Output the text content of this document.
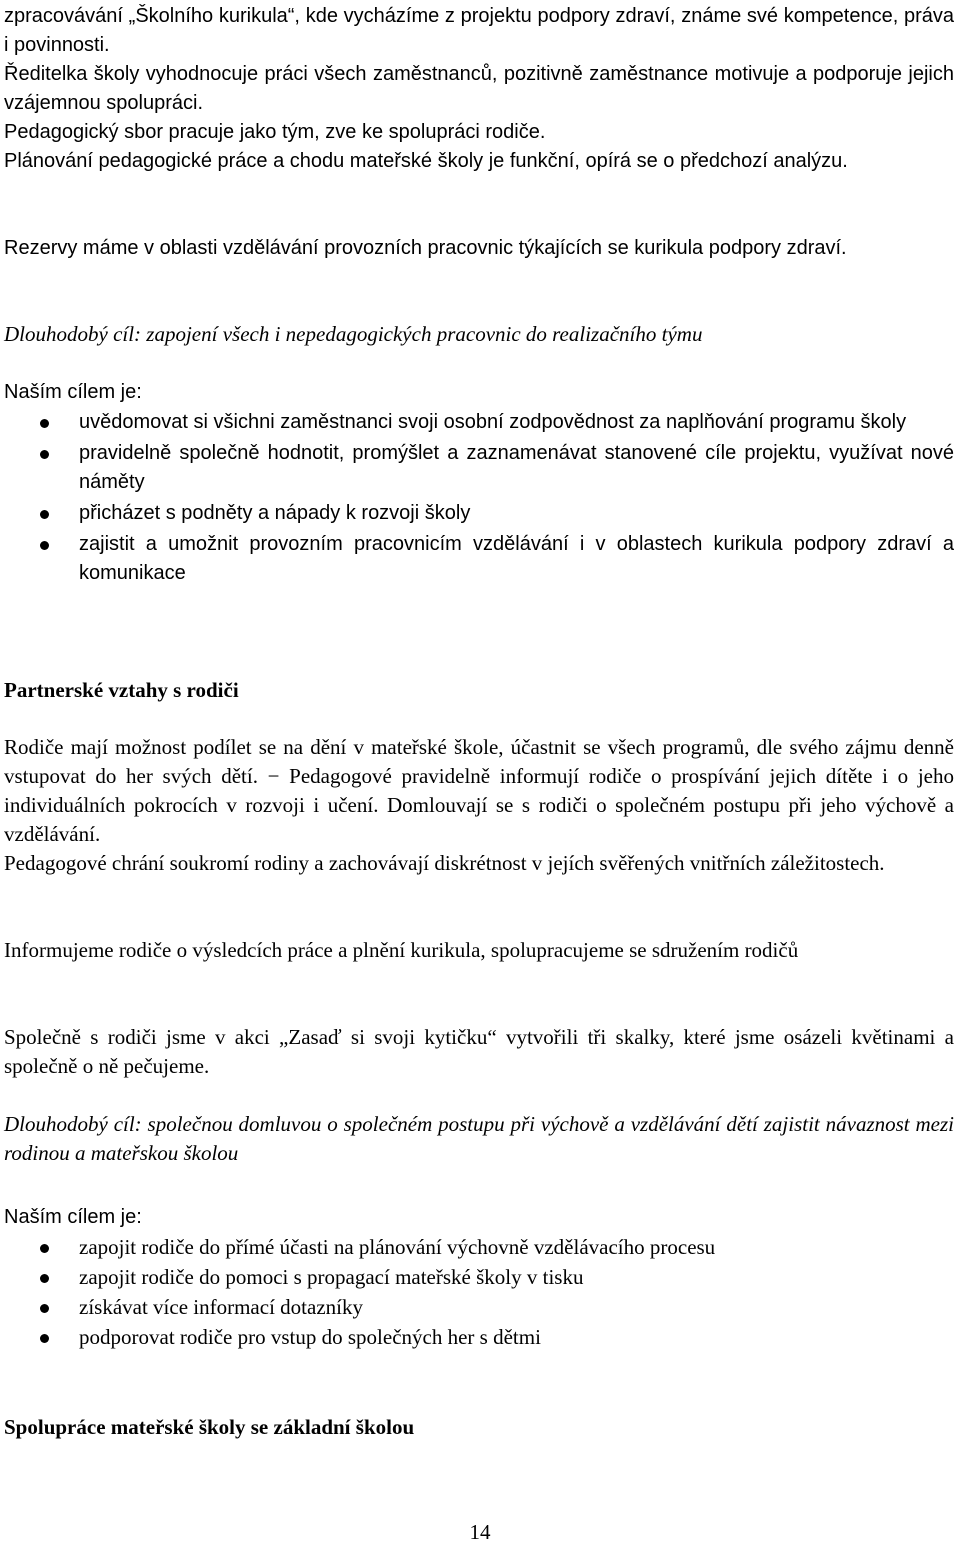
zpracovávání „Školního kurikula“, kde vycházíme z projektu podpory zdraví, známe své kompetence, práva i povinnosti.

Ředitelka školy vyhodnocuje práci všech zaměstnanců, pozitivně zaměstnance motivuje a podporuje jejich vzájemnou spolupráci.

Pedagogický sbor pracuje jako tým, zve ke spolupráci rodiče.

Plánování pedagogické práce a chodu mateřské školy je funkční, opírá se o předchozí analýzu.

Rezervy máme v oblasti vzdělávání provozních pracovnic týkajících se kurikula podpory zdraví.

Dlouhodobý cíl: zapojení všech i nepedagogických pracovnic do realizačního týmu

Naším cílem je:

uvědomovat si všichni zaměstnanci svoji osobní zodpovědnost za naplňování programu školy
pravidelně společně hodnotit, promýšlet a zaznamenávat stanovené cíle projektu, využívat nové náměty
přicházet s podněty a nápady k rozvoji školy
zajistit a umožnit provozním pracovnicím vzdělávání i v oblastech kurikula podpory zdraví a komunikace

Partnerské vztahy s rodiči

Rodiče mají možnost podílet se na dění v mateřské škole, účastnit se všech programů, dle svého zájmu denně vstupovat do her svých dětí. − Pedagogové pravidelně informují rodiče o prospívání jejich dítěte i o jeho individuálních pokrocích v rozvoji i učení. Domlouvají se s rodiči o společném postupu při jeho výchově a vzdělávání.

Pedagogové chrání soukromí rodiny a zachovávají diskrétnost v jejích svěřených vnitřních záležitostech.

Informujeme rodiče o výsledcích práce a plnění kurikula, spolupracujeme se sdružením rodičů

Společně s rodiči jsme v akci „Zasaď si svoji kytičku“ vytvořili tři skalky, které jsme osázeli květinami a společně o ně pečujeme.

Dlouhodobý cíl: společnou domluvou o společném postupu při výchově a vzdělávání dětí zajistit návaznost mezi rodinou a mateřskou školou

Naším cílem je:

zapojit rodiče do přímé účasti na plánování výchovně vzdělávacího procesu
zapojit rodiče do pomoci s propagací mateřské školy v tisku
získávat více informací dotazníky
podporovat rodiče pro vstup do společných her s dětmi

Spolupráce mateřské školy se základní školou

14
